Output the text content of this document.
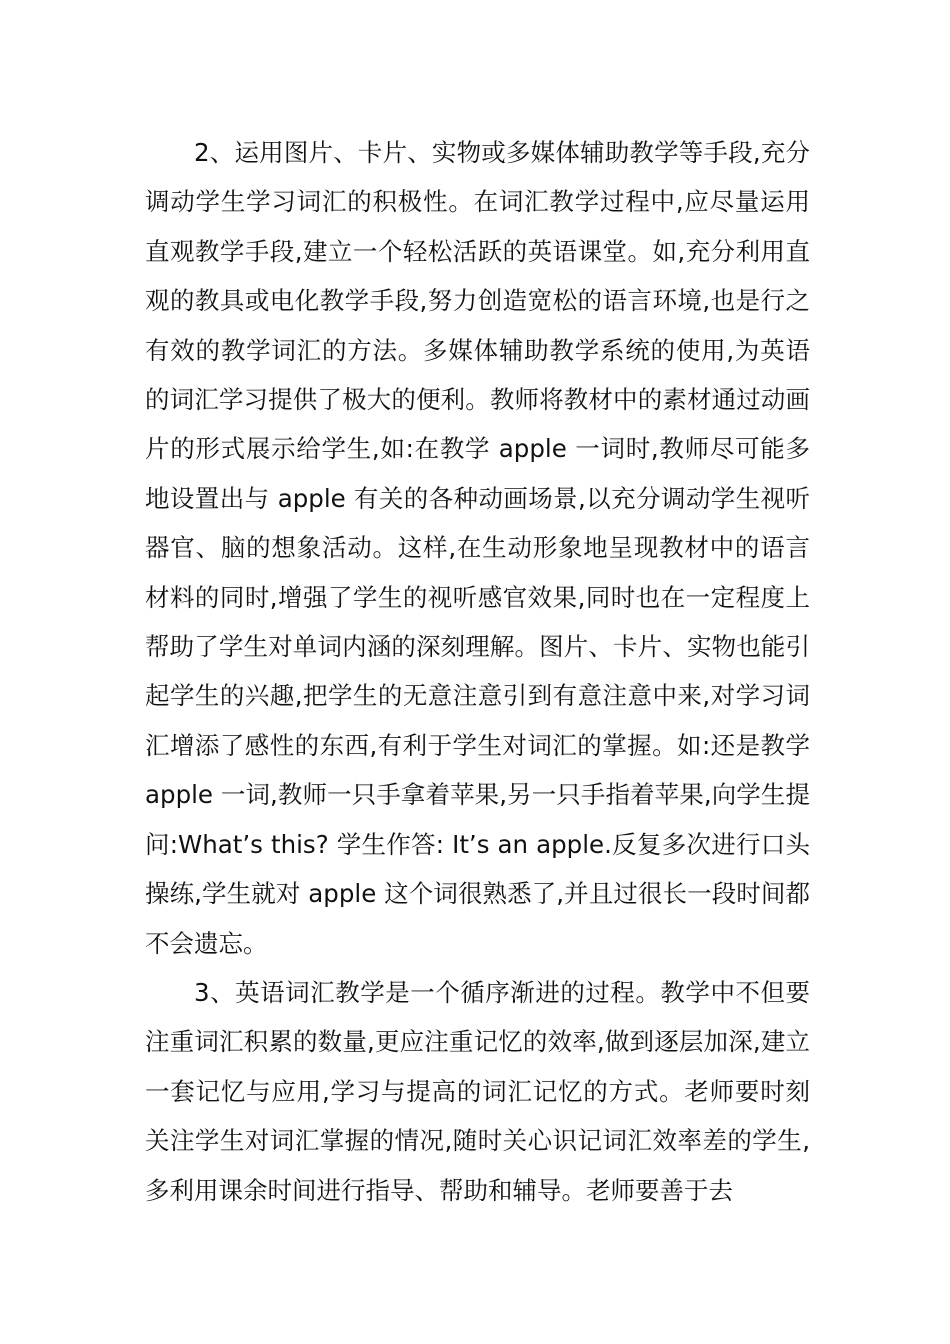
2、运用图片、卡片、实物或多媒体辅助教学等手段,充分调动学生学习词汇的积极性。在词汇教学过程中,应尽量运用直观教学手段,建立一个轻松活跃的英语课堂。如,充分利用直观的教具或电化教学手段,努力创造宽松的语言环境,也是行之有效的教学词汇的方法。多媒体辅助教学系统的使用,为英语的词汇学习提供了极大的便利。教师将教材中的素材通过动画片的形式展示给学生,如:在教学 apple 一词时,教师尽可能多地设置出与 apple 有关的各种动画场景,以充分调动学生视听器官、脑的想象活动。这样,在生动形象地呈现教材中的语言材料的同时,增强了学生的视听感官效果,同时也在一定程度上帮助了学生对单词内涵的深刻理解。图片、卡片、实物也能引起学生的兴趣,把学生的无意注意引到有意注意中来,对学习词汇增添了感性的东西,有利于学生对词汇的掌握。如:还是教学 apple 一词,教师一只手拿着苹果,另一只手指着苹果,向学生提问:What’s this? 学生作答: It’s an apple.反复多次进行口头操练,学生就对 apple 这个词很熟悉了,并且过很长一段时间都不会遗忘。

3、英语词汇教学是一个循序渐进的过程。教学中不但要注重词汇积累的数量,更应注重记忆的效率,做到逐层加深,建立一套记忆与应用,学习与提高的词汇记忆的方式。老师要时刻关注学生对词汇掌握的情况,随时关心识记词汇效率差的学生,多利用课余时间进行指导、帮助和辅导。老师要善于去
